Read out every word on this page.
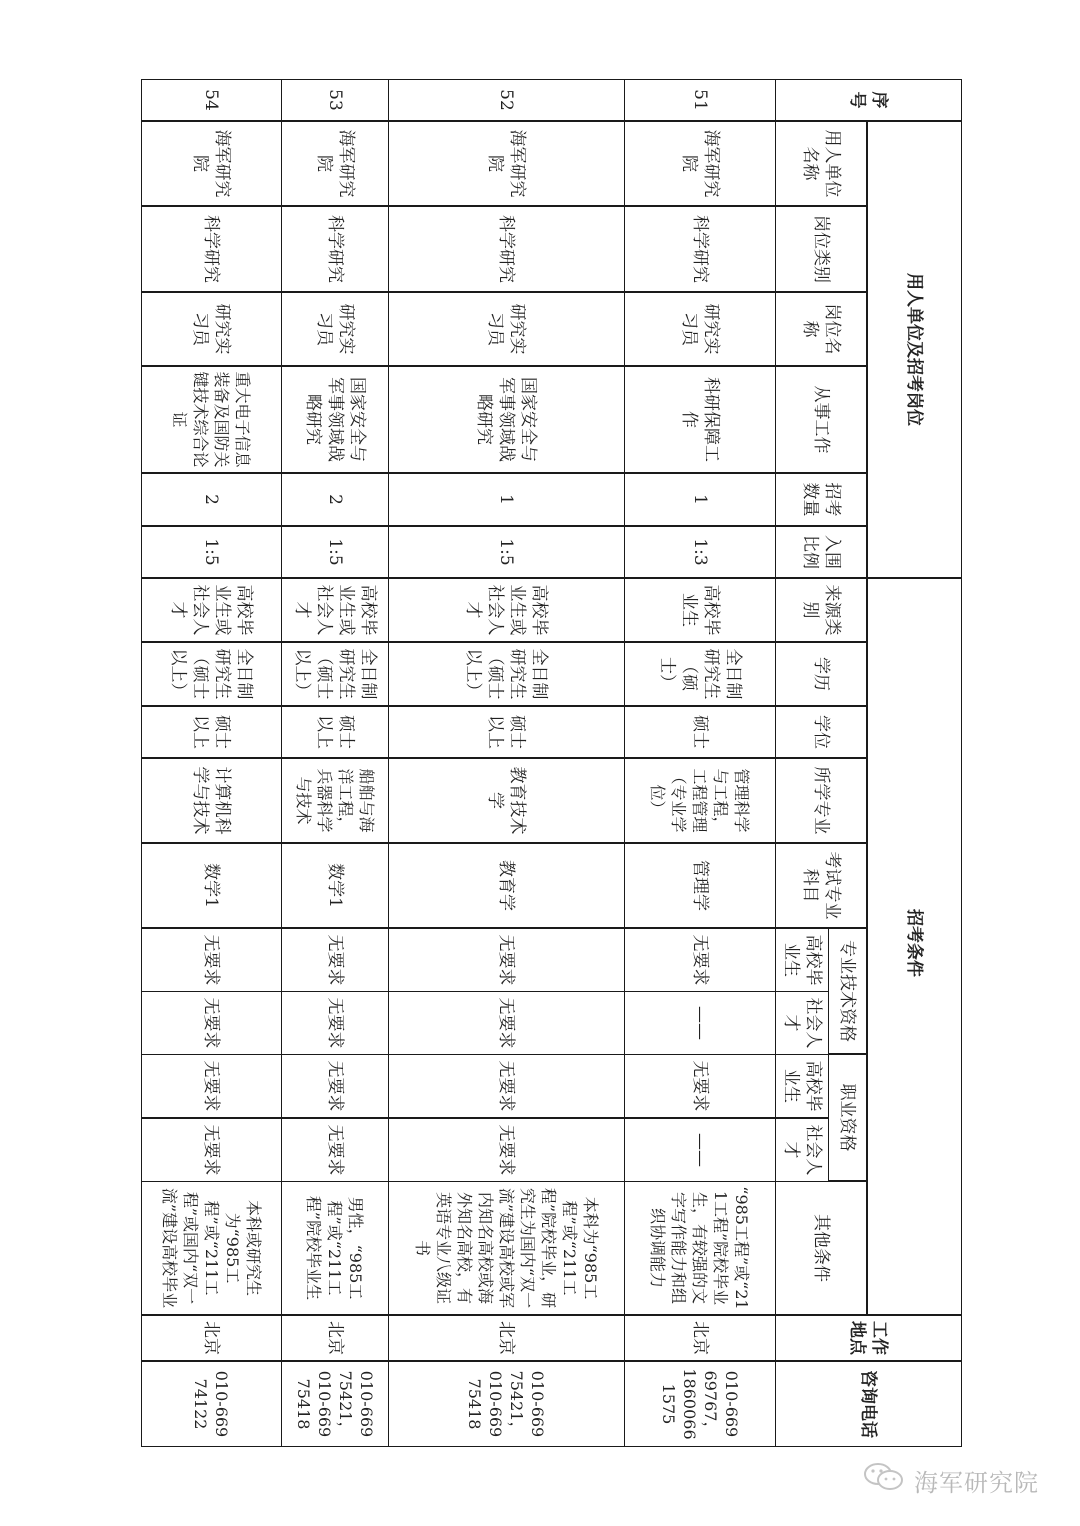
序号
用人单位及招考岗位
招考条件
工作地点
咨询电话
用人单位名称
岗位类别
岗位名称
从事工作
招考数量
入围比例
来源类别
学历
学位
所学专业
考试专业科目
专业技术资格
职业资格
高校毕业生
社会人才
高校毕业生
社会人才
其他条件
51
海军研究院
科学研究
研究实习员
科研保障工作
1
1:3
高校毕业生
全日制研究生（硕士）
硕士
管理科学与工程，工程管理（专业学位）
管理学
无要求
——
无要求
——
“985工程”或“211工程”院校毕业生，有较强的文字写作能力和组织协调能力
北京
010-66969767，18600661575
52
海军研究院
科学研究
研究实习员
国家安全与军事领域战略研究
1
1:5
高校毕业生或社会人才
全日制研究生（硕士以上）
硕士以上
教育技术学
教育学
无要求
无要求
无要求
无要求
本科为“985工程”或“211工程”院校毕业，研究生为国内“双一流”建设高校或军内知名高校或海外知名高校，有英语专业八级证书
北京
010-66975421，010-66975418
53
海军研究院
科学研究
研究实习员
国家安全与军事领域战略研究
2
1:5
高校毕业生或社会人才
全日制研究生（硕士以上）
硕士以上
船舶与海洋工程，兵器科学与技术
数学1
无要求
无要求
无要求
无要求
男性，“985工程”或“211工程”院校毕业生
北京
010-66975421，010-66975418
54
海军研究院
科学研究
研究实习员
重大电子信息装备及国防关键技术综合论证
2
1:5
高校毕业生或社会人才
全日制研究生（硕士以上）
硕士以上
计算机科学与技术
数学1
无要求
无要求
无要求
无要求
本科或研究生为“985工程”或“211工程”或国内“双一流”建设高校毕业
北京
010-66974122
海军研究院
